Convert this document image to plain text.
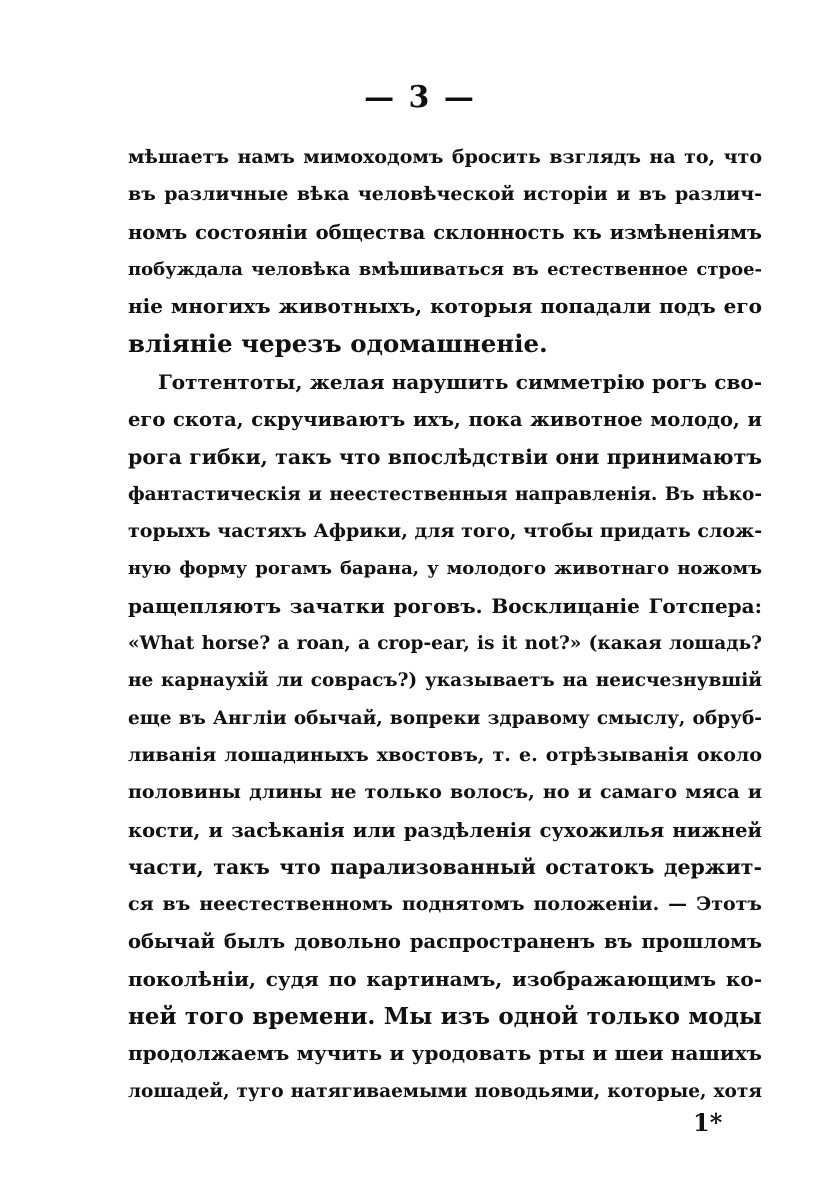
— 3 —
мѣшаетъ намъ мимоходомъ бросить взглядъ на то, что
въ различные вѣка человѣческой исторіи и въ различ-
номъ состояніи общества склонность къ измѣненіямъ
побуждала человѣка вмѣшиваться въ естественное строе-
ніе многихъ животныхъ, которыя попадали подъ его
вліяніе черезъ одомашненіе.
Готтентоты, желая нарушить симметрію рогъ сво-
его скота, скручиваютъ ихъ, пока животное молодо, и
рога гибки, такъ что впослѣдствіи они принимаютъ
фантастическія и неестественныя направленія. Въ нѣко-
торыхъ частяхъ Африки, для того, чтобы придать слож-
ную форму рогамъ барана, у молодого животнаго ножомъ
ращепляютъ зачатки роговъ. Восклицаніе Готспера:
«What horse? a roan, a crop-ear, is it not?» (какая лошадь?
не карнаухій ли соврасъ?) указываетъ на неисчезнувшій
еще въ Англіи обычай, вопреки здравому смыслу, обруб-
ливанія лошадиныхъ хвостовъ, т. е. отрѣзыванія около
половины длины не только волосъ, но и самаго мяса и
кости, и засѣканія или раздѣленія сухожилья нижней
части, такъ что парализованный остатокъ держит-
ся въ неестественномъ поднятомъ положеніи. — Этотъ
обычай былъ довольно распространенъ въ прошломъ
поколѣніи, судя по картинамъ, изображающимъ ко-
ней того времени. Мы изъ одной только моды
продолжаемъ мучить и уродовать рты и шеи нашихъ
лошадей, туго натягиваемыми поводьями, которые, хотя
1*
